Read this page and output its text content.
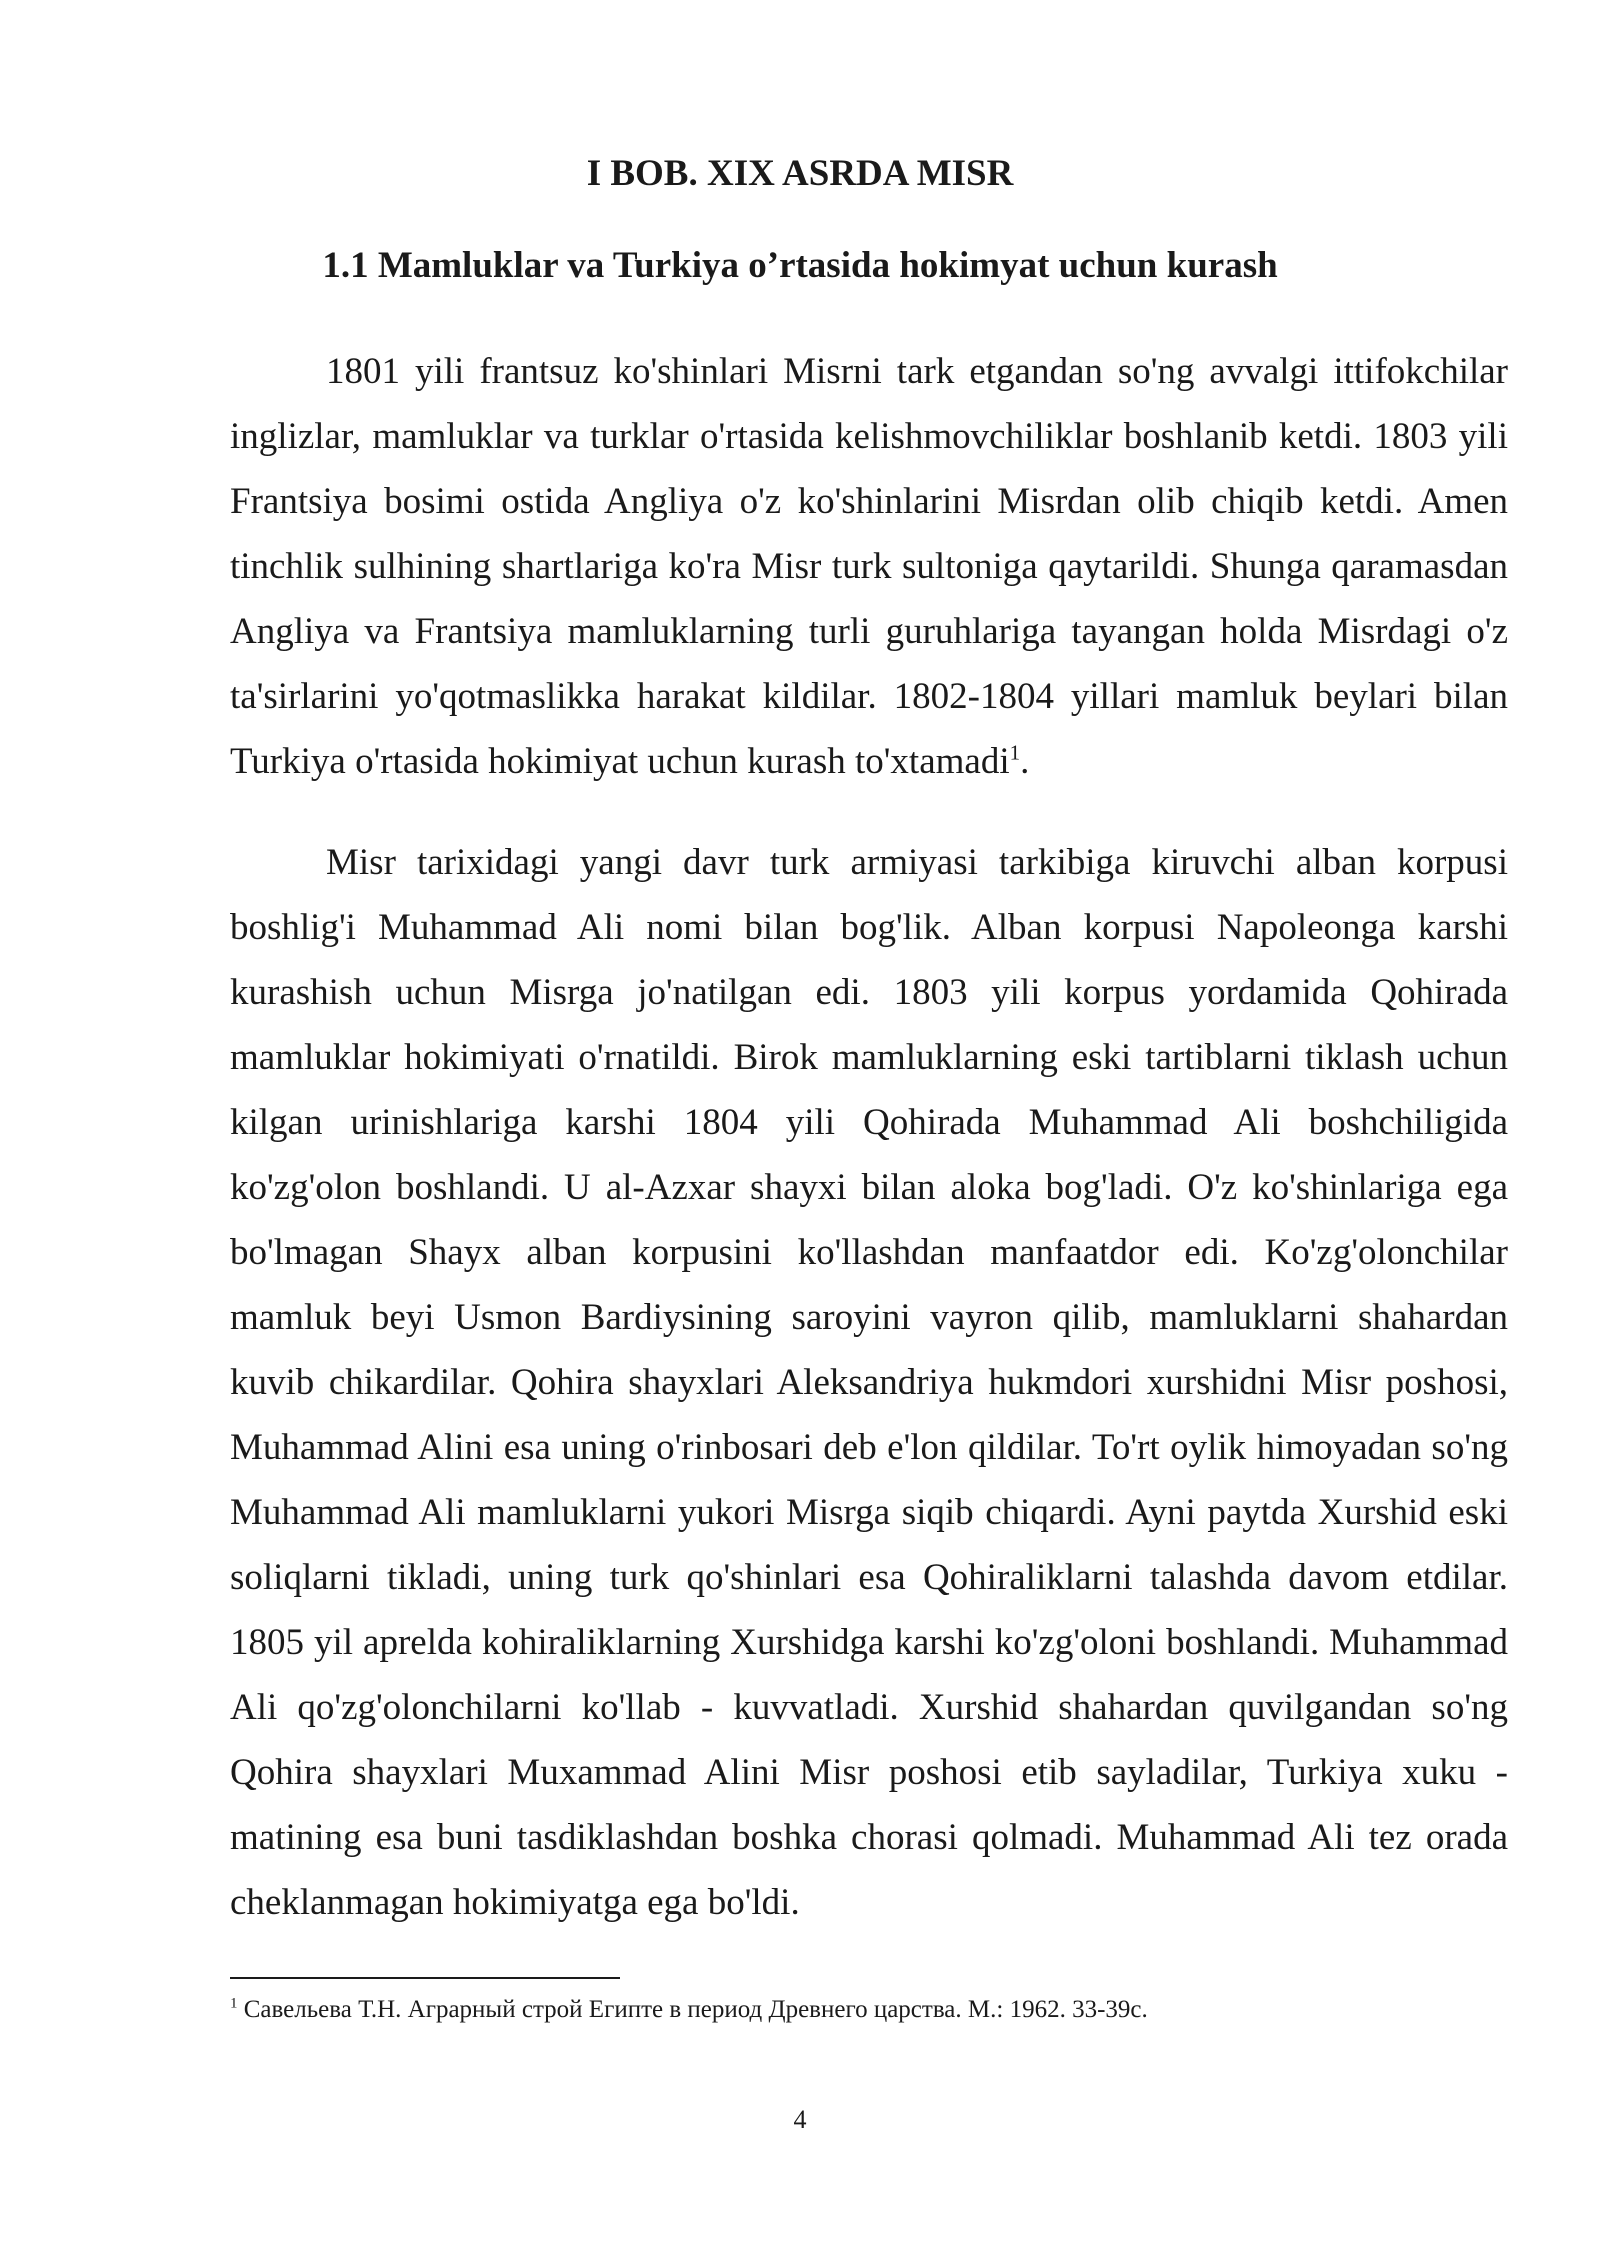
I BOB. XIX ASRDA MISR
1.1 Mamluklar va Turkiya o’rtasida hokimyat uchun kurash

1801 yili frantsuz ko'shinlari Misrni tark etgandan so'ng avvalgi ittifokchilar inglizlar, mamluklar va turklar o'rtasida kelishmovchiliklar boshlanib ketdi. 1803 yili Frantsiya bosimi ostida Angliya o'z ko'shinlarini Misrdan olib chiqib ketdi. Amen tinchlik sulhining shartlariga ko'ra Misr turk sultoniga qaytarildi. Shunga qaramasdan Angliya va Frantsiya mamluklarning turli guruhlariga tayangan holda Misrdagi o'z ta'sirlarini yo'qotmaslikka harakat kildilar. 1802-1804 yillari mamluk beylari bilan Turkiya o'rtasida hokimiyat uchun kurash to'xtamadi$^1$.

Misr tarixidagi yangi davr turk armiyasi tarkibiga kiruvchi alban korpusi boshlig'i Muhammad Ali nomi bilan bog'lik. Alban korpusi Napoleonga karshi kurashish uchun Misrga jo'natilgan edi. 1803 yili korpus yordamida Qohirada mamluklar hokimiyati o'rnatildi. Birok mamluklarning eski tartiblarni tiklash uchun kilgan urinishlariga karshi 1804 yili Qohirada Muhammad Ali boshchiligida ko'zg'olon boshlandi. U al-Azxar shayxi bilan aloka bog'ladi. O'z ko'shinlariga ega bo'lmagan Shayx alban korpusini ko'llashdan manfaatdor edi. Ko'zg'olonchilar mamluk beyi Usmon Bardiysining saroyini vayron qilib, mamluklarni shahardan kuvib chikardilar. Qohira shayxlari Aleksandriya hukmdori xurshidni Misr poshosi, Muhammad Alini esa uning o'rinbosari deb e'lon qildilar. To'rt oylik himoyadan so'ng Muhammad Ali mamluklarni yukori Misrga siqib chiqardi. Ayni paytda Xurshid eski soliqlarni tikladi, uning turk qo'shinlari esa Qohiraliklarni talashda davom etdilar. 1805 yil aprelda kohiraliklarning Xurshidga karshi ko'zg'oloni boshlandi. Muhammad Ali qo'zg'olonchilarni ko'llab - kuvvatladi. Xurshid shahardan quvilgandan so'ng Qohira shayxlari Muxammad Alini Misr poshosi etib sayladilar, Turkiya xuku - matining esa buni tasdiklashdan boshka chorasi qolmadi. Muhammad Ali tez orada cheklanmagan hokimiyatga ega bo'ldi.

$^1$ Савельева Т.Н. Аграрный строй Египте в период Древнего царства. М.: 1962. 33-39с.
4
